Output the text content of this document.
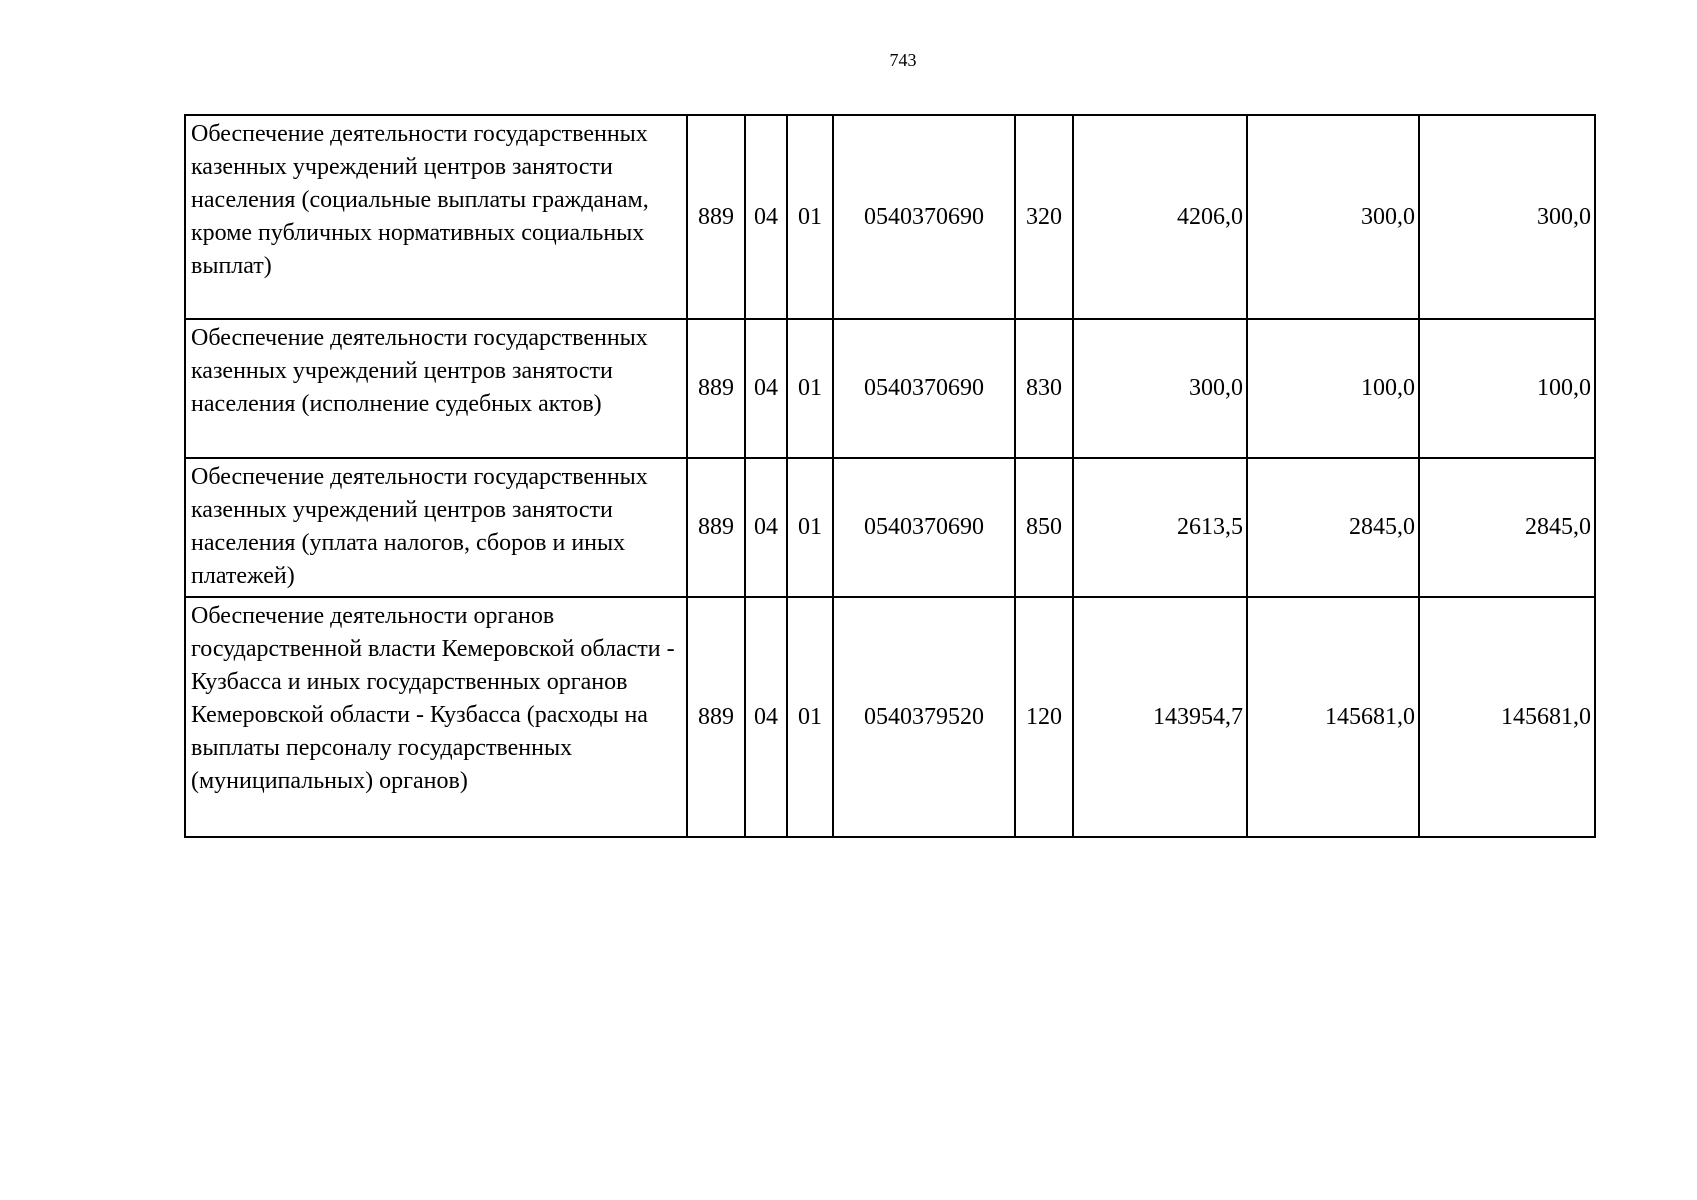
743
Обеспечение деятельности государственных казенных учреждений центров занятости населения (социальные выплаты гражданам, кроме публичных нормативных социальных выплат)	889	04	01	0540370690	320	4206,0	300,0	300,0
Обеспечение деятельности государственных казенных учреждений центров занятости населения (исполнение судебных актов)	889	04	01	0540370690	830	300,0	100,0	100,0
Обеспечение деятельности государственных казенных учреждений центров занятости населения (уплата налогов, сборов и иных платежей)	889	04	01	0540370690	850	2613,5	2845,0	2845,0
Обеспечение деятельности органов государственной власти Кемеровской области - Кузбасса и иных государственных органов Кемеровской области - Кузбасса (расходы на выплаты персоналу государственных (муниципальных) органов)	889	04	01	0540379520	120	143954,7	145681,0	145681,0
